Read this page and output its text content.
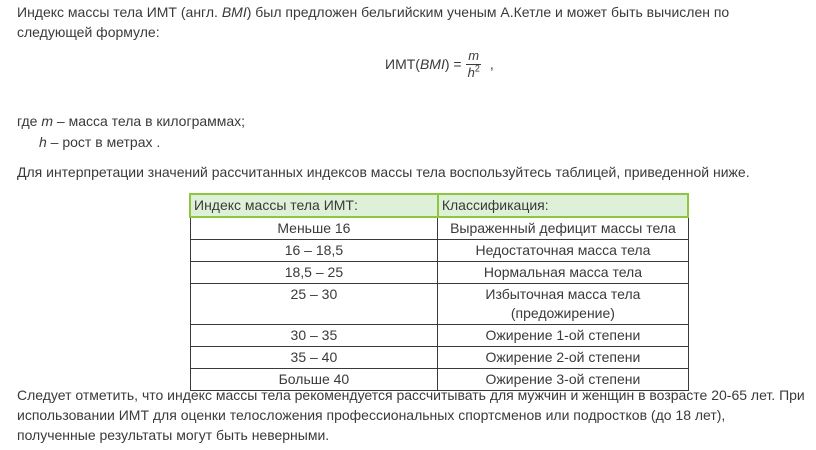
Индекс массы тела ИМТ (англ. BMI) был предложен бельгийским ученым А.Кетле и может быть вычислен по следующей формуле:
ИМТ( BMI ) = $\frac{m}{h^2}$ ,
где m – масса тела в килограммах;
h – рост в метрах .
Для интерпретации значений рассчитанных индексов массы тела воспользуйтесь таблицей, приведенной ниже.
Индекс массы тела ИМТ:	Классификация:
Меньше 16	Выраженный дефицит массы тела
16 – 18,5	Недостаточная масса тела
18,5 – 25	Нормальная масса тела
25 – 30	Избыточная масса тела (предожирение)
30 – 35	Ожирение 1-ой степени
35 – 40	Ожирение 2-ой степени
Больше 40	Ожирение 3-ой степени
Следует отметить, что индекс массы тела рекомендуется рассчитывать для мужчин и женщин в возрасте 20-65 лет. При использовании ИМТ для оценки телосложения профессиональных спортсменов или подростков (до 18 лет), полученные результаты могут быть неверными.
